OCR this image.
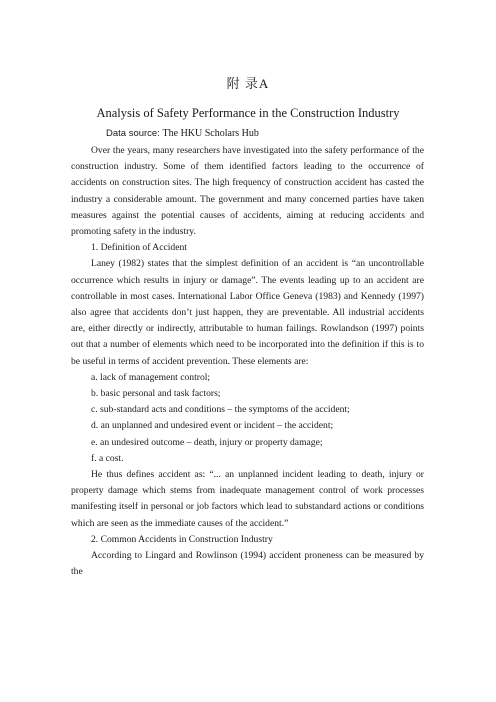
附 录A
Analysis of Safety Performance in the Construction Industry
Data source: The HKU Scholars Hub

Over the years, many researchers have investigated into the safety performance of the construction industry. Some of them identified factors leading to the occurrence of accidents on construction sites. The high frequency of construction accident has casted the industry a considerable amount. The government and many concerned parties have taken measures against the potential causes of accidents, aiming at reducing accidents and promoting safety in the industry.

1. Definition of Accident

Laney (1982) states that the simplest definition of an accident is “an uncontrollable occurrence which results in injury or damage”. The events leading up to an accident are controllable in most cases. International Labor Office Geneva (1983) and Kennedy (1997) also agree that accidents don’t just happen, they are preventable. All industrial accidents are, either directly or indirectly, attributable to human failings. Rowlandson (1997) points out that a number of elements which need to be incorporated into the definition if this is to be useful in terms of accident prevention. These elements are:

a. lack of management control;

b. basic personal and task factors;

c. sub-standard acts and conditions – the symptoms of the accident;

d. an unplanned and undesired event or incident – the accident;

e. an undesired outcome – death, injury or property damage;

f. a cost.

He thus defines accident as: “... an unplanned incident leading to death, injury or property damage which stems from inadequate management control of work processes manifesting itself in personal or job factors which lead to substandard actions or conditions which are seen as the immediate causes of the accident.”

2. Common Accidents in Construction Industry

According to Lingard and Rowlinson (1994) accident proneness can be measured by the
